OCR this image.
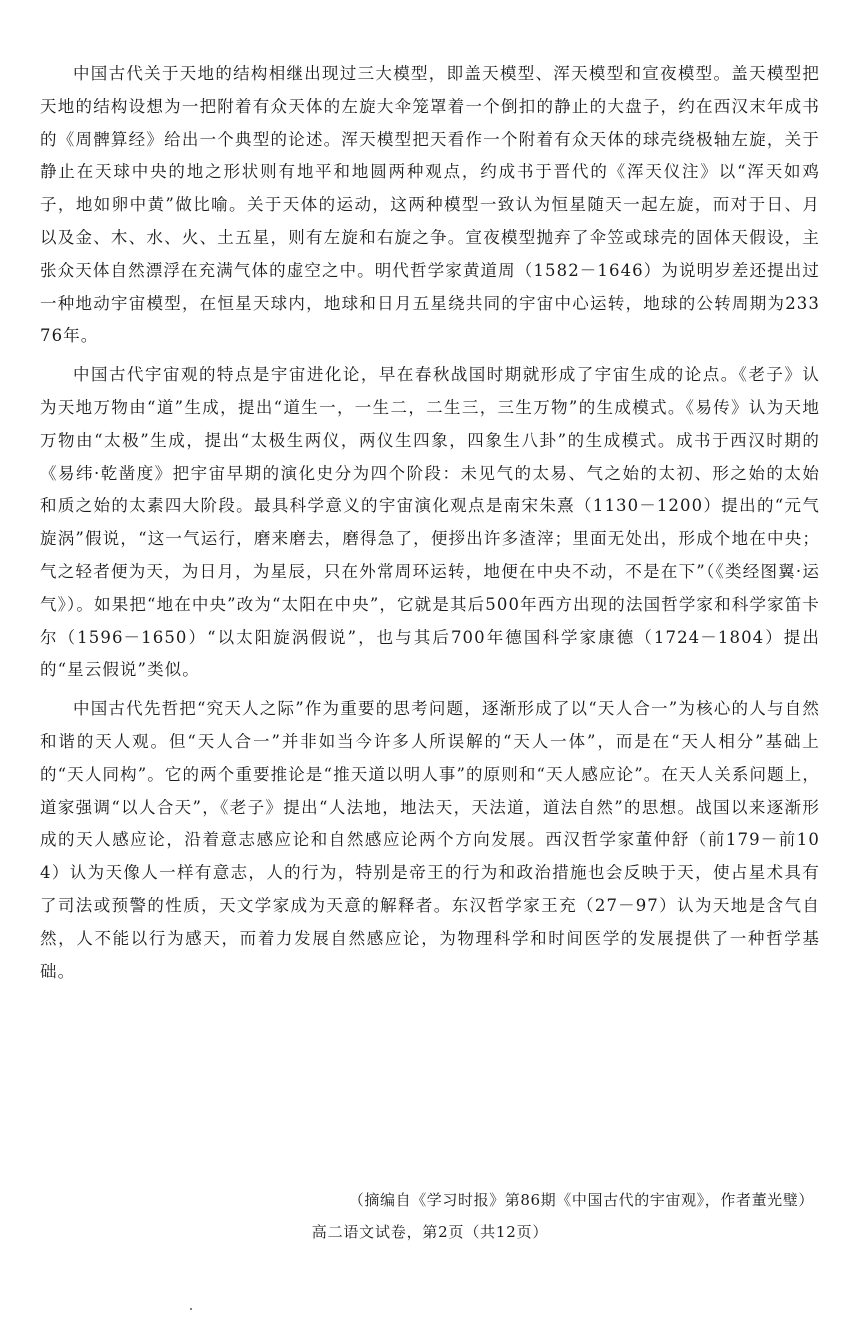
中国古代关于天地的结构相继出现过三大模型，即盖天模型、浑天模型和宣夜模型。盖天模型把天地的结构设想为一把附着有众天体的左旋大伞笼罩着一个倒扣的静止的大盘子，约在西汉末年成书的《周髀算经》给出一个典型的论述。浑天模型把天看作一个附着有众天体的球壳绕极轴左旋，关于静止在天球中央的地之形状则有地平和地圆两种观点，约成书于晋代的《浑天仪注》以“浑天如鸡子，地如卵中黄”做比喻。关于天体的运动，这两种模型一致认为恒星随天一起左旋，而对于日、月以及金、木、水、火、土五星，则有左旋和右旋之争。宣夜模型抛弃了伞笠或球壳的固体天假设，主张众天体自然漂浮在充满气体的虚空之中。明代哲学家黄道周（1582－1646）为说明岁差还提出过一种地动宇宙模型，在恒星天球内，地球和日月五星绕共同的宇宙中心运转，地球的公转周期为23376年。

中国古代宇宙观的特点是宇宙进化论，早在春秋战国时期就形成了宇宙生成的论点。《老子》认为天地万物由“道”生成，提出“道生一，一生二，二生三，三生万物”的生成模式。《易传》认为天地万物由“太极”生成，提出“太极生两仪，两仪生四象，四象生八卦”的生成模式。成书于西汉时期的《易纬·乾凿度》把宇宙早期的演化史分为四个阶段：未见气的太易、气之始的太初、形之始的太始和质之始的太素四大阶段。最具科学意义的宇宙演化观点是南宋朱熹（1130－1200）提出的“元气旋涡”假说，“这一气运行，磨来磨去，磨得急了，便拶出许多渣滓；里面无处出，形成个地在中央；气之轻者便为天，为日月，为星辰，只在外常周环运转，地便在中央不动，不是在下”（《类经图翼·运气》）。如果把“地在中央”改为“太阳在中央”，它就是其后500年西方出现的法国哲学家和科学家笛卡尔（1596－1650）“以太阳旋涡假说”，也与其后700年德国科学家康德（1724－1804）提出的“星云假说”类似。

中国古代先哲把“究天人之际”作为重要的思考问题，逐渐形成了以“天人合一”为核心的人与自然和谐的天人观。但“天人合一”并非如当今许多人所误解的“天人一体”，而是在“天人相分”基础上的“天人同构”。它的两个重要推论是“推天道以明人事”的原则和“天人感应论”。在天人关系问题上，道家强调“以人合天”，《老子》提出“人法地，地法天，天法道，道法自然”的思想。战国以来逐渐形成的天人感应论，沿着意志感应论和自然感应论两个方向发展。西汉哲学家董仲舒（前179－前104）认为天像人一样有意志，人的行为，特别是帝王的行为和政治措施也会反映于天，使占星术具有了司法或预警的性质，天文学家成为天意的解释者。东汉哲学家王充（27－97）认为天地是含气自然，人不能以行为感天，而着力发展自然感应论，为物理科学和时间医学的发展提供了一种哲学基础。

（摘编自《学习时报》第86期《中国古代的宇宙观》，作者董光璧）
高二语文试卷，第2页（共12页）
